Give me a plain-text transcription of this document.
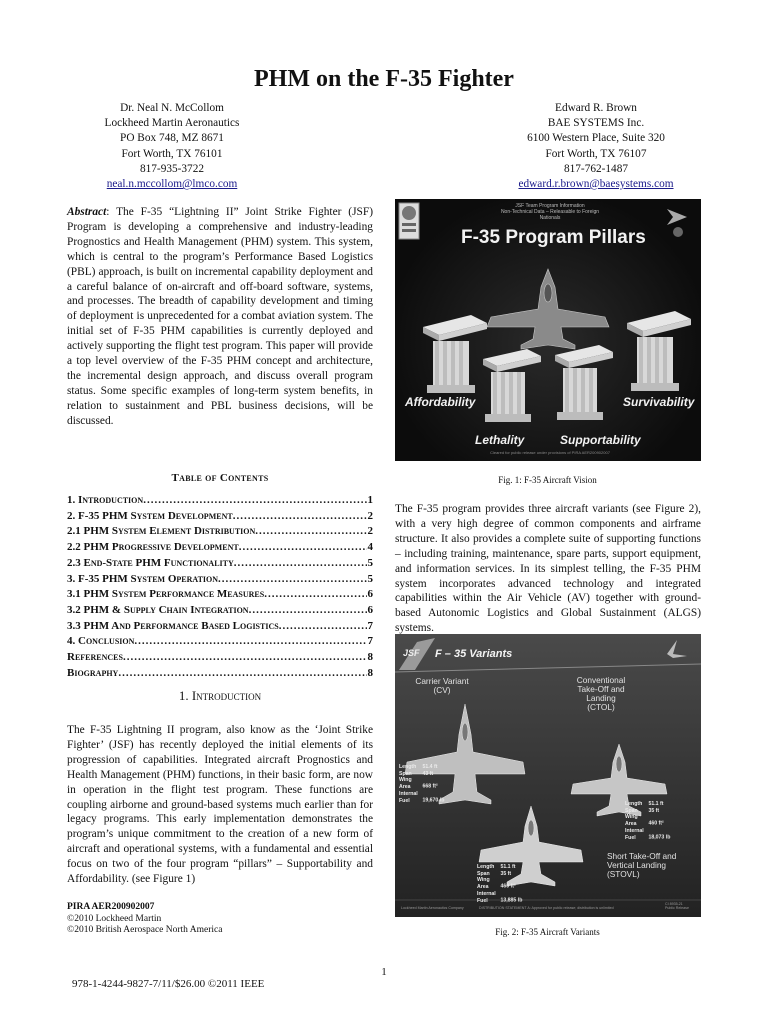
PHM on the F-35 Fighter
Dr. Neal N. McCollom
Lockheed Martin Aeronautics
PO Box 748, MZ 8671
Fort Worth, TX 76101
817-935-3722
neal.n.mccollom@lmco.com
Edward R. Brown
BAE SYSTEMS Inc.
6100 Western Place, Suite 320
Fort Worth, TX 76107
817-762-1487
edward.r.brown@baesystems.com
Abstract: The F-35 “Lightning II” Joint Strike Fighter (JSF) Program is developing a comprehensive and industry-leading Prognostics and Health Management (PHM) system. This system, which is central to the program’s Performance Based Logistics (PBL) approach, is built on incremental capability deployment and a careful balance of on-aircraft and off-board software, systems, and processes. The breadth of capability development and timing of deployment is unprecedented for a combat aviation system. The initial set of F-35 PHM capabilities is currently deployed and actively supporting the flight test program. This paper will provide a top level overview of the F-35 PHM concept and architecture, the incremental design approach, and discuss overall program status. Some specific examples of long-term system benefits, in relation to sustainment and PBL business decisions, will be discussed.
Table of Contents
1. Introduction .....	1
2. F-35 PHM System Development .....	2
2.1 PHM System Element Distribution .....	2
2.2 PHM Progressive Development .....	4
2.3 End-State PHM Functionality .....	5
3. F-35 PHM System Operation .....	5
3.1 PHM System Performance Measures .....	6
3.2 PHM & Supply Chain Integration .....	6
3.3 PHM And Performance Based Logistics .....	7
4. Conclusion .....	7
References .....	8
Biography .....	8
1. Introduction
The F-35 Lightning II program, also know as the ‘Joint Strike Fighter’ (JSF) has recently deployed the initial elements of its progression of capabilities. Integrated aircraft Prognostics and Health Management (PHM) functions, in their basic form, are now in operation in the flight test program. These functions are coupling airborne and ground-based systems much earlier than for legacy programs. This early implementation demonstrates the program’s unique commitment to the creation of a new form of aircraft and operational systems, with a fundamental and essential focus on two of the four program “pillars” – Supportability and Affordability. (see Figure 1)
PIRA AER200902007
©2010 Lockheed Martin
©2010 British Aerospace North America
JSF Team Program Information
Non-Technical Data – Releasable to Foreign Nationals
F-35 Program Pillars
Affordability	Survivability
Lethality	Supportability
Cleared for public release under provisions of PIRA AER200902007
Fig. 1: F-35 Aircraft Vision
The F-35 program provides three aircraft variants (see Figure 2), with a very high degree of common components and airframe structure. It also provides a complete suite of supporting functions – including training, maintenance, spare parts, support equipment, and information services. In its simplest telling, the F-35 PHM system incorporates advanced technology and integrated capabilities within the Air Vehicle (AV) together with ground-based Autonomic Logistics and Global Sustainment (ALGS) systems.
F – 35 Variants
JSF
Carrier Variant
(CV)
Conventional
Take-Off and
Landing
(CTOL)
Short Take-Off and
Vertical Landing
(STOVL)
Length 51.4 ft
Span 43 ft
Wing Area 668 ft²
Internal Fuel 19,670 lb
Length 51.1 ft
Span 35 ft
Wing Area 460 ft²
Internal Fuel 18,073 lb
Length 51.1 ft
Span 35 ft
Wing Area 460 ft²
Internal Fuel 13,885 lb
Lockheed Martin Aeronautics Company	DISTRIBUTION STATEMENT A: Approved for public release; distribution is unlimited
CI 8935-21
Public Release
Fig. 2: F-35 Aircraft Variants
1
978-1-4244-9827-7/11/$26.00 ©2011 IEEE
